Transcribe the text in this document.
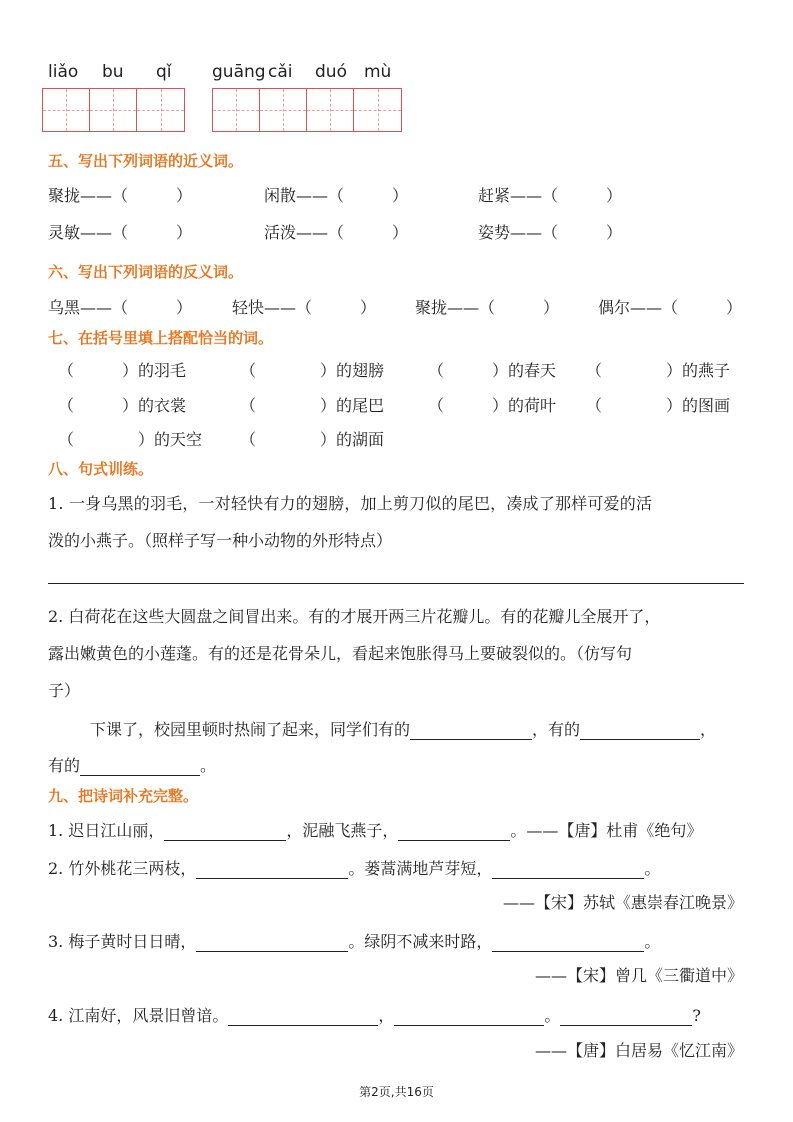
liǎo bu qǐ guāng cǎi duó mù
五、写出下列词语的近义词。
聚拢——（　　　）	闲散——（　　　）	赶紧——（　　　）
灵敏——（　　　）	活泼——（　　　）	姿势——（　　　）
六、写出下列词语的反义词。
乌黑——（　　　） 轻快——（　　　） 聚拢——（　　　） 偶尔——（　　　）
七、在括号里填上搭配恰当的词。
（　　　）的羽毛	（　　　　）的翅膀	（　　　）的春天 （　　　　）的燕子
（　　　）的衣裳	（　　　　）的尾巴	（　　　）的荷叶 （　　　　）的图画
（　　　　）的天空 （　　　　）的湖面
八、句式训练。
1. 一身乌黑的羽毛，一对轻快有力的翅膀，加上剪刀似的尾巴，凑成了那样可爱的活
泼的小燕子。（照样子写一种小动物的外形特点）
2. 白荷花在这些大圆盘之间冒出来。有的才展开两三片花瓣儿。有的花瓣儿全展开了，
露出嫩黄色的小莲蓬。有的还是花骨朵儿，看起来饱胀得马上要破裂似的。（仿写句
子）
下课了，校园里顿时热闹了起来，同学们有的	，有的	，
有的	。
九、把诗词补充完整。
1. 迟日江山丽，	，泥融飞燕子，	。——【唐】杜甫《绝句》
2. 竹外桃花三两枝，	。蒌蒿满地芦芽短，	。
——【宋】苏轼《惠崇春江晚景》
3. 梅子黄时日日晴，	。绿阴不减来时路，	。
——【宋】曾几《三衢道中》
4. 江南好，风景旧曾谙。	，	。	?
——【唐】白居易《忆江南》
第2页,共16页
